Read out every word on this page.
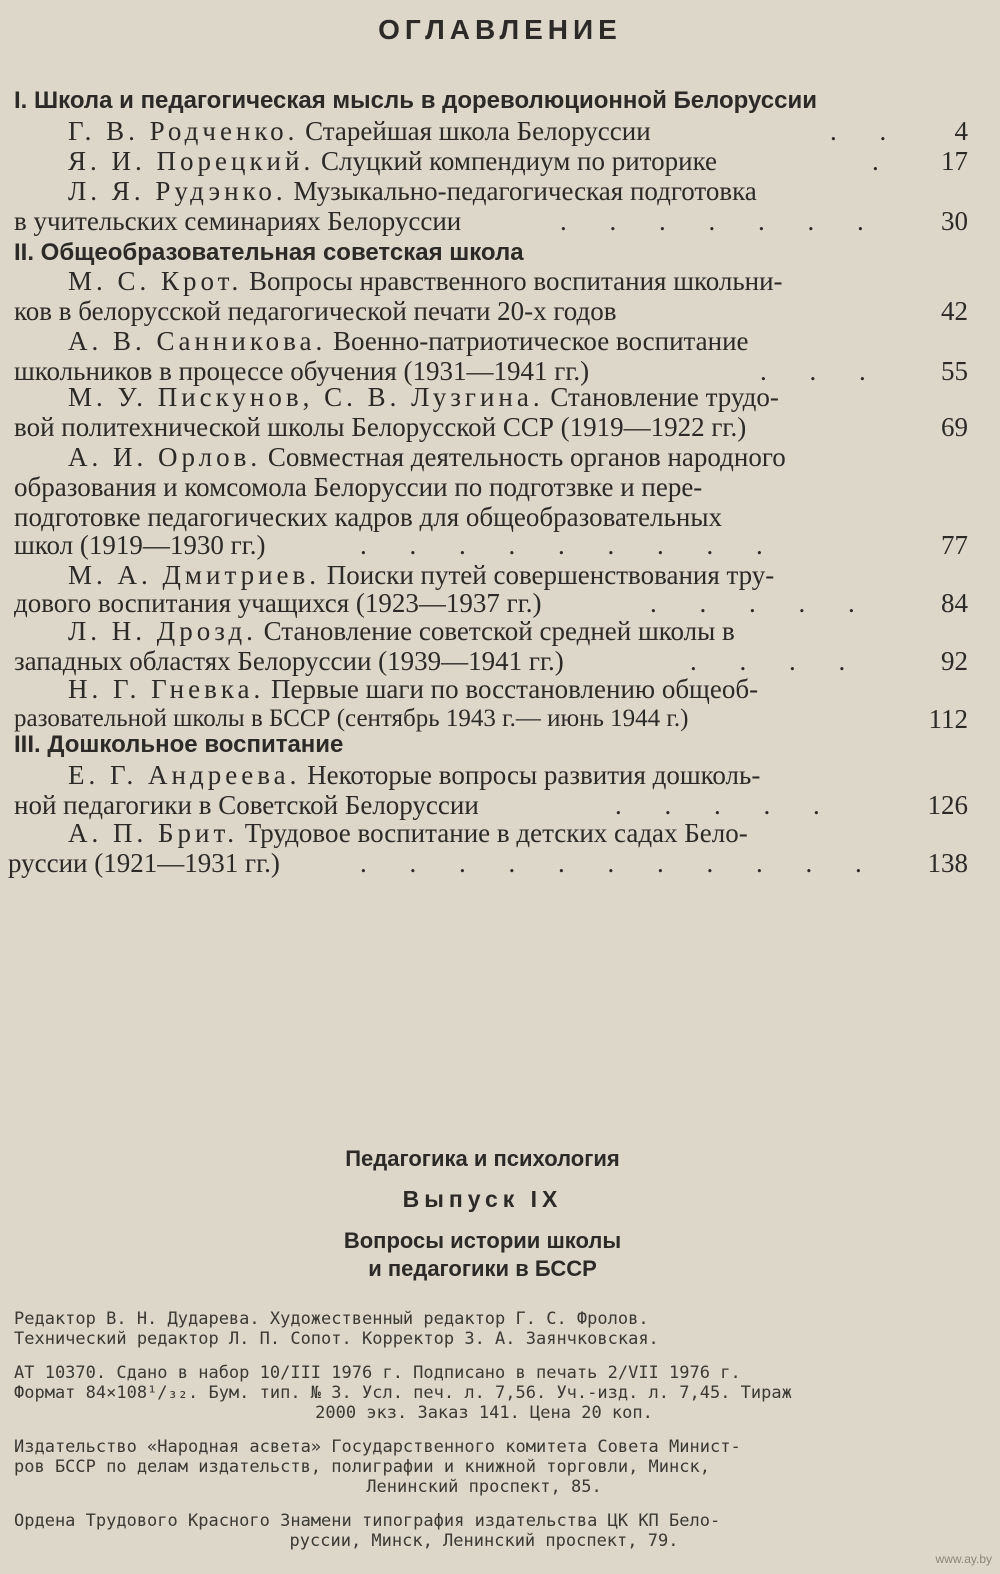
ОГЛАВЛЕНИЕ
I. Школа и педагогическая мысль в дореволюционной Белоруссии
Г. В. Родченко. Старейшая школа Белоруссии	. . 4
Я. И. Порецкий. Слуцкий компендиум по риторике	. 17
Л. Я. Рудэнко. Музыкально-педагогическая подготовка
в учительских семинариях Белоруссии	. . . . . . . 30
II. Общеобразовательная советская школа
М. С. Крот. Вопросы нравственного воспитания школьни-
ков в белорусской педагогической печати 20-х годов	42
А. В. Санникова. Военно-патриотическое воспитание
школьников в процессе обучения (1931—1941 гг.)	. . . 55
М. У. Пискунов, С. В. Лузгина. Становление трудо-
вой политехнической школы Белорусской ССР (1919—1922 гг.)	69
А. И. Орлов. Совместная деятельность органов народного
образования и комсомола Белоруссии по подготзвке и пере-
подготовке педагогических кадров для общеобразовательных
школ (1919—1930 гг.)	. . . . . . . . .	77
М. А. Дмитриев. Поиски путей совершенствования тру-
дового воспитания учащихся (1923—1937 гг.)	. . . . .	84
Л. Н. Дрозд. Становление советской средней школы в
западных областях Белоруссии (1939—1941 гг.)	. . . .	92
Н. Г. Гневка. Первые шаги по восстановлению общеоб-
разовательной школы в БССР (сентябрь 1943 г.— июнь 1944 г.)	112
III. Дошкольное воспитание
Е. Г. Андреева. Некоторые вопросы развития дошколь-
ной педагогики в Советской Белоруссии	. . . . .	126
А. П. Брит. Трудовое воспитание в детских садах Бело-
руссии (1921—1931 гг.)	. . . . . . . . . . . 138
Педагогика и психология
Выпуск IX
Вопросы истории школы
и педагогики в БССР
Редактор В. Н. Дударева. Художественный редактор Г. С. Фролов.
Технический редактор Л. П. Сопот. Корректор З. А. Заянчковская.
АТ 10370. Сдано в набор 10/III 1976 г. Подписано в печать 2/VII 1976 г.
Формат 84×108¹/₃₂. Бум. тип. № 3. Усл. печ. л. 7,56. Уч.-изд. л. 7,45. Тираж
2000 экз. Заказ 141. Цена 20 коп.
Издательство «Народная асвета» Государственного комитета Совета Минист-
ров БССР по делам издательств, полиграфии и книжной торговли, Минск,
Ленинский проспект, 85.
Ордена Трудового Красного Знамени типография издательства ЦК КП Бело-
руссии, Минск, Ленинский проспект, 79.
www.ay.by
